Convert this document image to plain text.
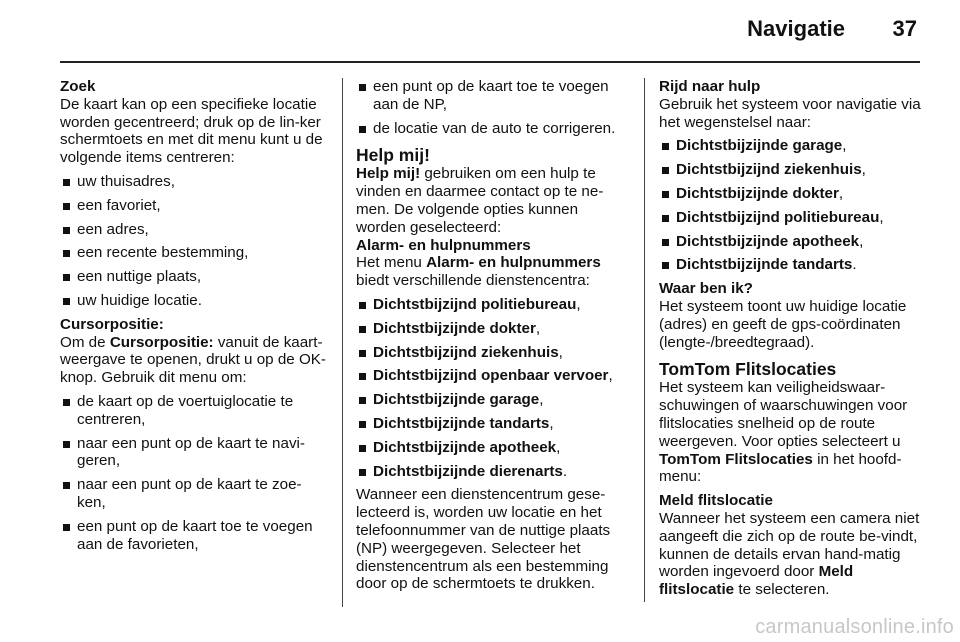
Navigatie 37

Zoek

De kaart kan op een specifieke locatie worden gecentreerd; druk op de lin-ker schermtoets en met dit menu kunt u de volgende items centreren:

uw thuisadres,
een favoriet,
een adres,
een recente bestemming,
een nuttige plaats,
uw huidige locatie.

Cursorpositie:

Om de Cursorpositie: vanuit de kaart-weergave te openen, drukt u op de OK-knop. Gebruik dit menu om:

de kaart op de voertuiglocatie te centreren,
naar een punt op de kaart te navi-geren,
naar een punt op de kaart te zoe-ken,
een punt op de kaart toe te voegen aan de favorieten,
een punt op de kaart toe te voegen aan de NP,
de locatie van de auto te corrigeren.

Help mij!

Help mij! gebruiken om een hulp te vinden en daarmee contact op te ne-men. De volgende opties kunnen worden geselecteerd:

Alarm- en hulpnummers

Het menu Alarm- en hulpnummers biedt verschillende dienstencentra:

Dichtstbijzijnd politiebureau,
Dichtstbijzijnde dokter,
Dichtstbijzijnd ziekenhuis,
Dichtstbijzijnd openbaar vervoer,
Dichtstbijzijnde garage,
Dichtstbijzijnde tandarts,
Dichtstbijzijnde apotheek,
Dichtstbijzijnde dierenarts.

Wanneer een dienstencentrum gese-lecteerd is, worden uw locatie en het telefoonnummer van de nuttige plaats (NP) weergegeven. Selecteer het dienstencentrum als een bestemming door op de schermtoets te drukken.

Rijd naar hulp

Gebruik het systeem voor navigatie via het wegenstelsel naar:

Dichtstbijzijnde garage,
Dichtstbijzijnd ziekenhuis,
Dichtstbijzijnde dokter,
Dichtstbijzijnd politiebureau,
Dichtstbijzijnde apotheek,
Dichtstbijzijnde tandarts.

Waar ben ik?

Het systeem toont uw huidige locatie (adres) en geeft de gps-coördinaten (lengte-/breedtegraad).

TomTom Flitslocaties

Het systeem kan veiligheidswaar-schuwingen of waarschuwingen voor flitslocaties snelheid op de route weergeven. Voor opties selecteert u TomTom Flitslocaties in het hoofd-menu:

Meld flitslocatie

Wanneer het systeem een camera niet aangeeft die zich op de route be-vindt, kunnen de details ervan hand-matig worden ingevoerd door Meld flitslocatie te selecteren.

carmanualsonline.info
